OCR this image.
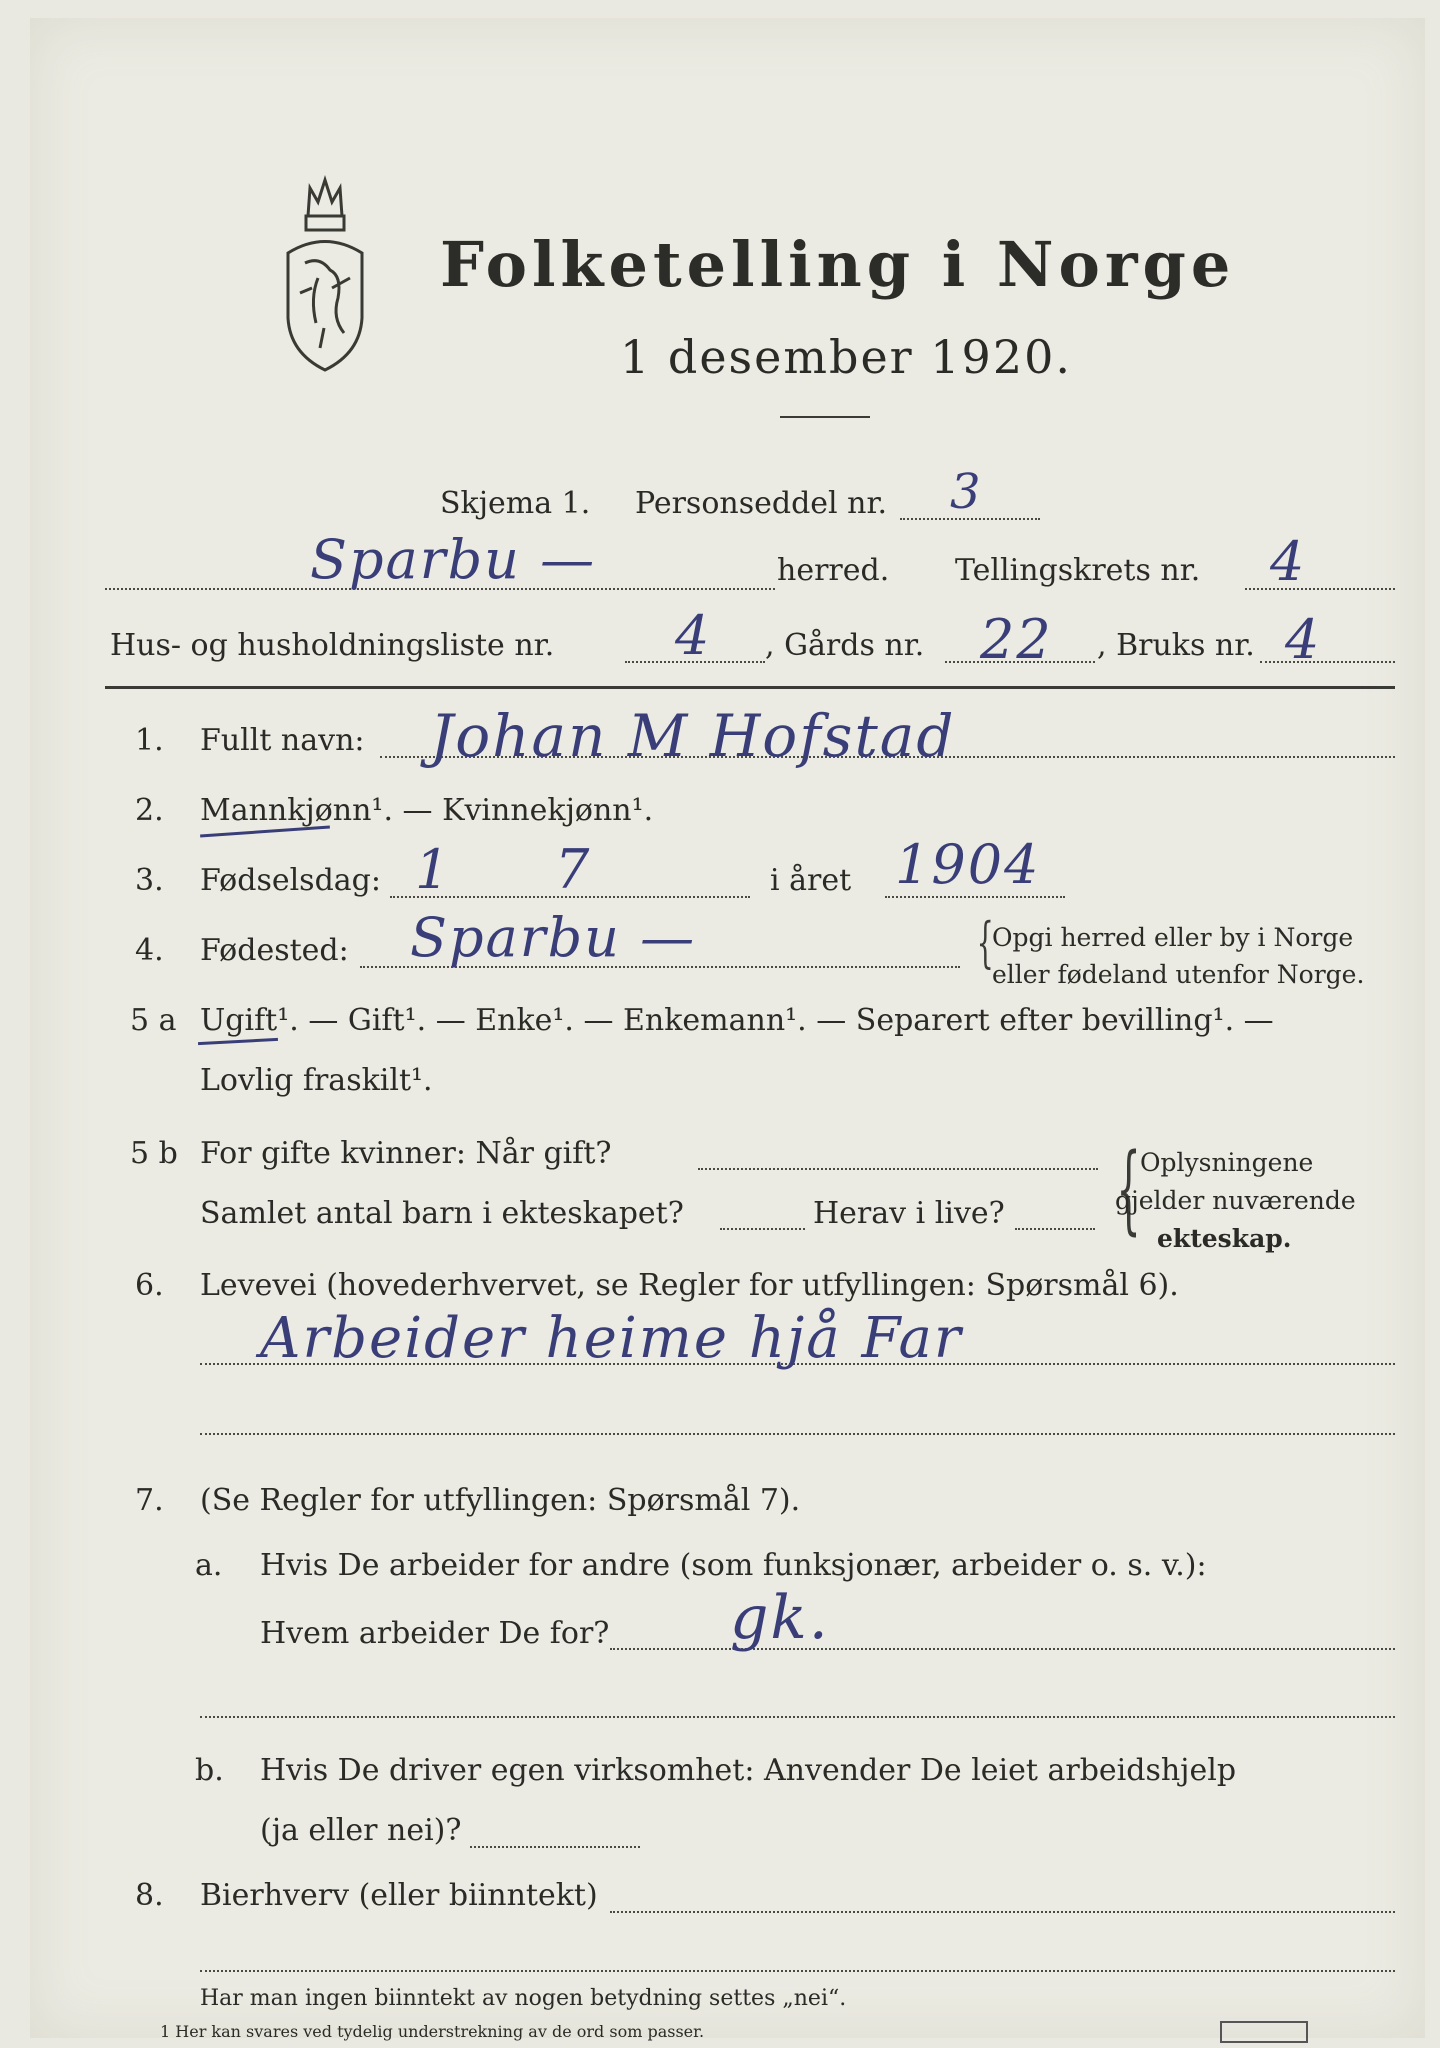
Folketelling i Norge
1 desember 1920.
Skjema 1. Personseddel nr. 3
Sparbu —	herred. Tellingskrets nr. 4
Hus- og husholdningsliste nr. 4 , Gårds nr. 22 , Bruks nr. 4
1. Fullt navn: Johan M Hofstad
2. Mannkjønn¹. — Kvinnekjønn¹.
3. Fødselsdag: 1 7	i året 1904
4. Fødested: Sparbu —	{
Opgi herred eller by i Norge
eller fødeland utenfor Norge.
5 a Ugift¹. — Gift¹. — Enke¹. — Enkemann¹. — Separert efter bevilling¹. —
Lovlig fraskilt¹.
5 b For gifte kvinner: Når gift?
Samlet antal barn i ekteskapet?	Herav i live? { Oplysningene
gjelder nuværende
ekteskap.
6. Levevei (hovederhvervet, se Regler for utfyllingen: Spørsmål 6).
Arbeider heime hjå Far
7. (Se Regler for utfyllingen: Spørsmål 7).
a. Hvis De arbeider for andre (som funksjonær, arbeider o. s. v.):
Hvem arbeider De for? gk.
b. Hvis De driver egen virksomhet: Anvender De leiet arbeidshjelp
(ja eller nei)?
8. Bierhverv (eller biinntekt)
Har man ingen biinntekt av nogen betydning settes „nei“.
1 Her kan svares ved tydelig understrekning av de ord som passer.
